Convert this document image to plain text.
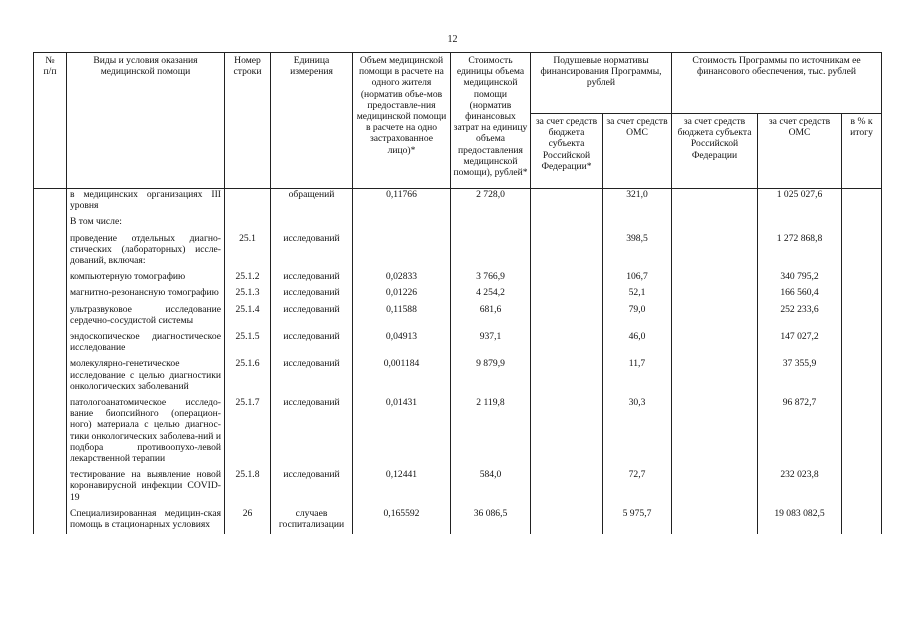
12
№
п/п	Виды и условия оказания медицинской помощи	Номер строки	Единица измерения	Объем медицинской помощи в расчете на одного жителя (норматив объе-мов предоставле-ния медицинской помощи в расчете на одно застрахованное лицо)*	Стоимость единицы объема медицинской помощи (норматив финансовых затрат на единицу объема предоставления медицинской помощи), рублей*	Подушевые нормативы финансирования Программы, рублей		Стоимость Программы по источникам ее финансового обеспечения, тыс. рублей		
						за счет средств бюджета субъекта Российской Федерации*	за счет средств ОМС	за счет средств бюджета субъекта Российской Федерации	за счет средств ОМС	в % к итогу
	в медицинских организациях III уровня		обращений	0,11766	2 728,0		321,0		1 025 027,6	
	В том числе:									
	проведение отдельных диагно-стических (лабораторных) иссле-дований, включая:	25.1	исследований				398,5		1 272 868,8	
	компьютерную томографию	25.1.2	исследований	0,02833	3 766,9		106,7		340 795,2	
	магнитно-резонансную томографию	25.1.3	исследований	0,01226	4 254,2		52,1		166 560,4	
	ультразвуковое исследование сердечно-сосудистой системы	25.1.4	исследований	0,11588	681,6		79,0		252 233,6	
	эндоскопическое диагностическое исследование	25.1.5	исследований	0,04913	937,1		46,0		147 027,2	
	молекулярно-генетическое исследование с целью диагностики онкологических заболеваний	25.1.6	исследований	0,001184	9 879,9		11,7		37 355,9	
	патологоанатомическое исследо-вание биопсийного (операцион-ного) материала с целью диагнос-тики онкологических заболева-ний и подбора противоопухо-левой лекарственной терапии	25.1.7	исследований	0,01431	2 119,8		30,3		96 872,7	
	тестирование на выявление новой коронавирусной инфекции COVID-19	25.1.8	исследований	0,12441	584,0		72,7		232 023,8	
	Специализированная медицин-ская помощь в стационарных условиях	26	случаев госпитализации	0,165592	36 086,5		5 975,7		19 083 082,5	
